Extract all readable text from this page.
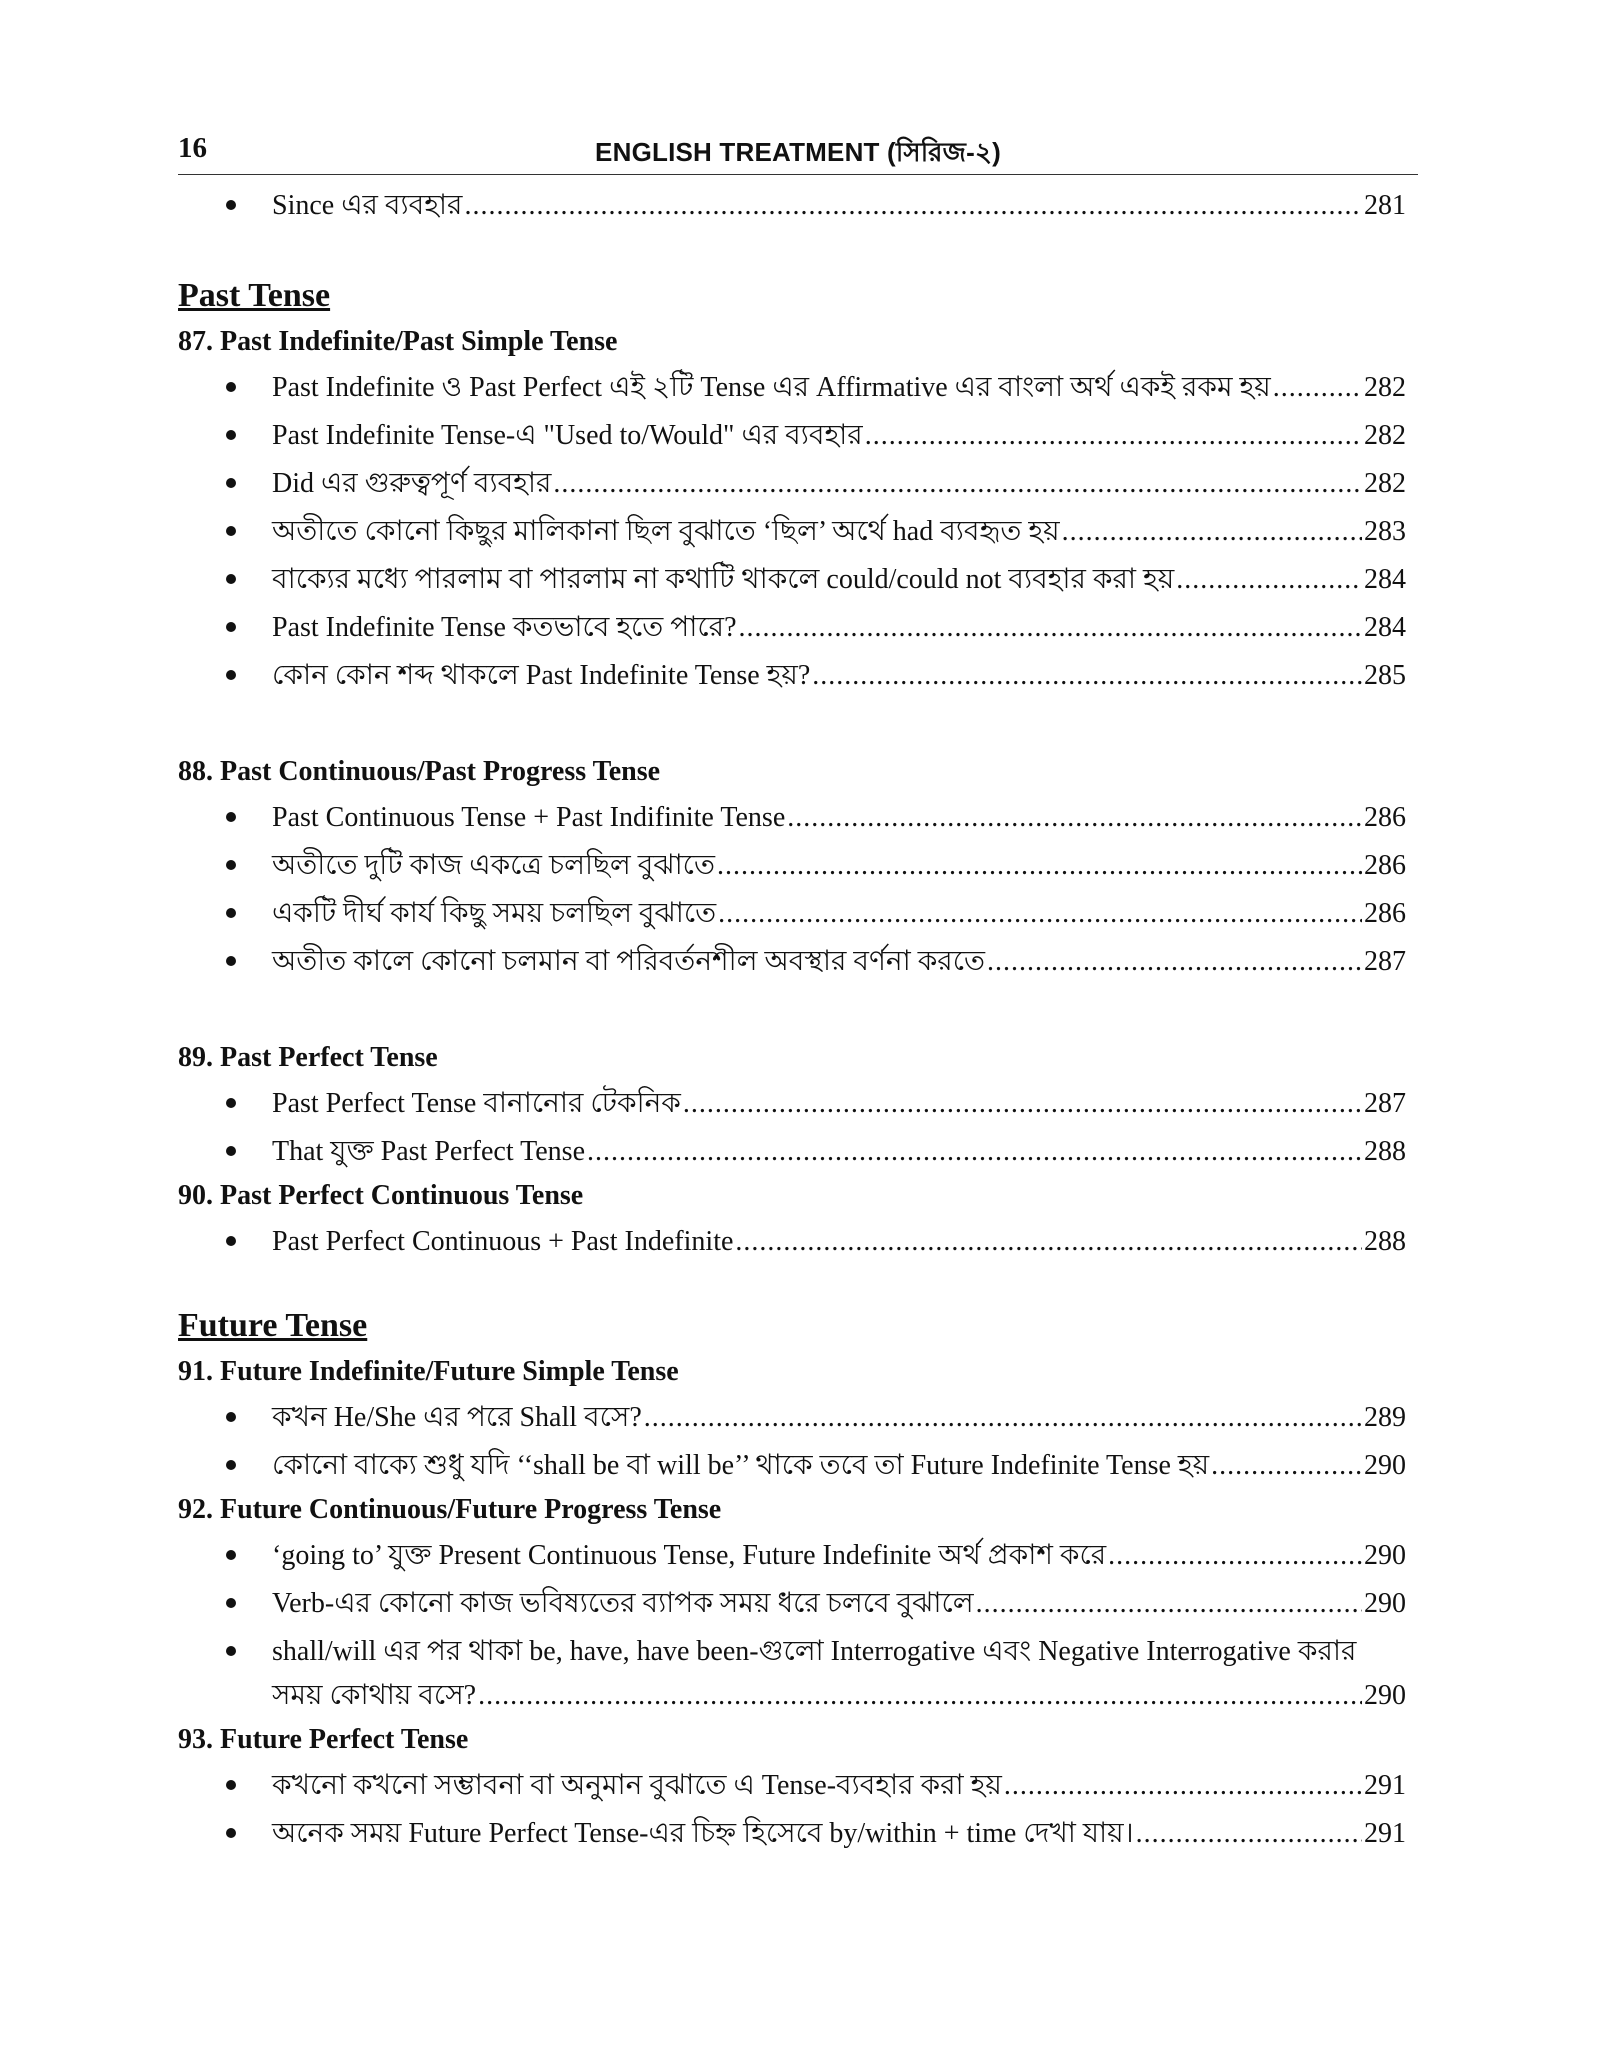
16	ENGLISH TREATMENT (সিরিজ-২)
Since এর ব্যবহার .....	281
Past Tense
87. Past Indefinite/Past Simple Tense
Past Indefinite ও Past Perfect এই ২টি Tense এর Affirmative এর বাংলা অর্থ একই রকম হয় .....	282
Past Indefinite Tense-এ "Used to/Would" এর ব্যবহার .....	282
Did এর গুরুত্বপূর্ণ ব্যবহার .....	282
অতীতে কোনো কিছুর মালিকানা ছিল বুঝাতে ‘ছিল’ অর্থে had ব্যবহৃত হয় .....	283
বাক্যের মধ্যে পারলাম বা পারলাম না কথাটি থাকলে could/could not ব্যবহার করা হয় .....	284
Past Indefinite Tense কতভাবে হতে পারে? .....	284
কোন কোন শব্দ থাকলে Past Indefinite Tense হয়? .....	285
88. Past Continuous/Past Progress Tense
Past Continuous Tense + Past Indifinite Tense .....	286
অতীতে দুটি কাজ একত্রে চলছিল বুঝাতে .....	286
একটি দীর্ঘ কার্য কিছু সময় চলছিল বুঝাতে .....	286
অতীত কালে কোনো চলমান বা পরিবর্তনশীল অবস্থার বর্ণনা করতে .....	287
89. Past Perfect Tense
Past Perfect Tense বানানোর টেকনিক .....	287
That যুক্ত Past Perfect Tense .....	288
90. Past Perfect Continuous Tense
Past Perfect Continuous + Past Indefinite .....	288
Future Tense
91. Future Indefinite/Future Simple Tense
কখন He/She এর পরে Shall বসে? .....	289
কোনো বাক্যে শুধু যদি ‘‘shall be বা will be’’ থাকে তবে তা Future Indefinite Tense হয় .....	290
92. Future Continuous/Future Progress Tense
‘going to’ যুক্ত Present Continuous Tense, Future Indefinite অর্থ প্রকাশ করে .....	290
Verb-এর কোনো কাজ ভবিষ্যতের ব্যাপক সময় ধরে চলবে বুঝালে .....	290
shall/will এর পর থাকা be, have, have been-গুলো Interrogative এবং Negative Interrogative করার
সময় কোথায় বসে? .....	290
93. Future Perfect Tense
কখনো কখনো সম্ভাবনা বা অনুমান বুঝাতে এ Tense-ব্যবহার করা হয় .....	291
অনেক সময় Future Perfect Tense-এর চিহ্ন হিসেবে by/within + time দেখা যায়। .....	291
